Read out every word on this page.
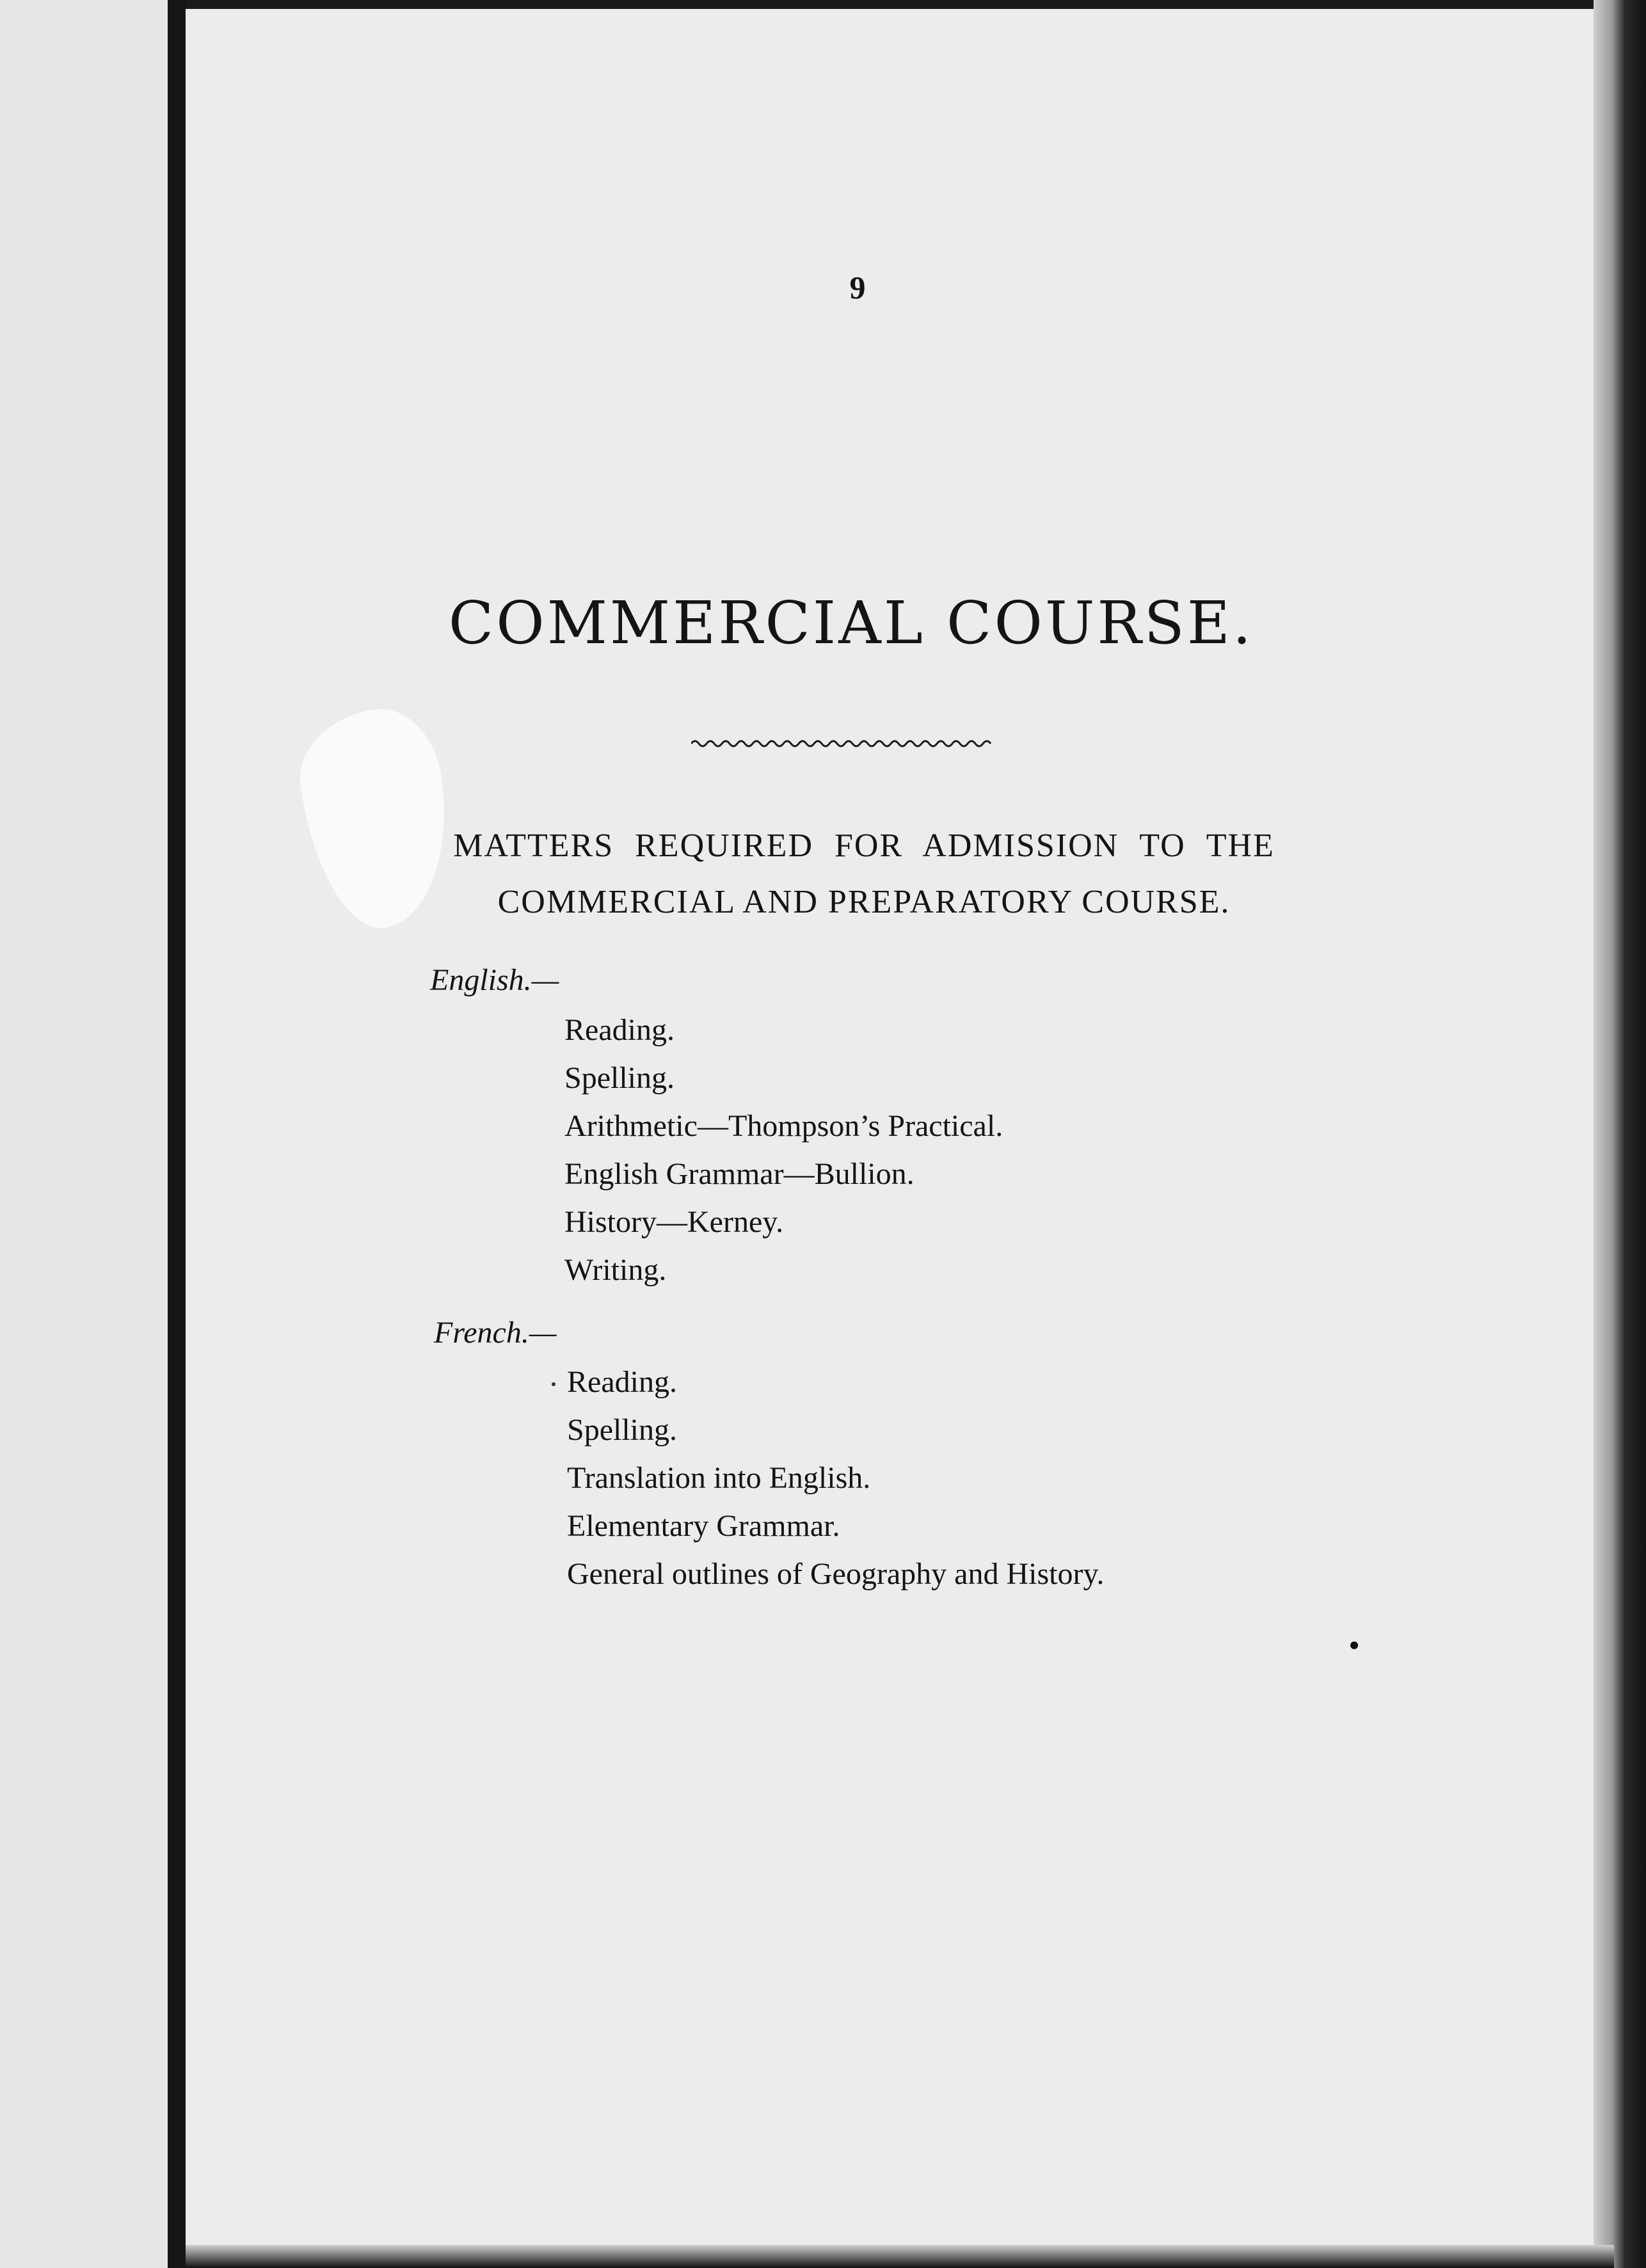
9
COMMERCIAL COURSE.
MATTERS REQUIRED FOR ADMISSION TO THE
COMMERCIAL AND PREPARATORY COURSE.
English.—
Reading.
Spelling.
Arithmetic—Thompson’s Practical.
English Grammar—Bullion.
History—Kerney.
Writing.
French.—
Reading.
Spelling.
Translation into English.
Elementary Grammar.
General outlines of Geography and History.
